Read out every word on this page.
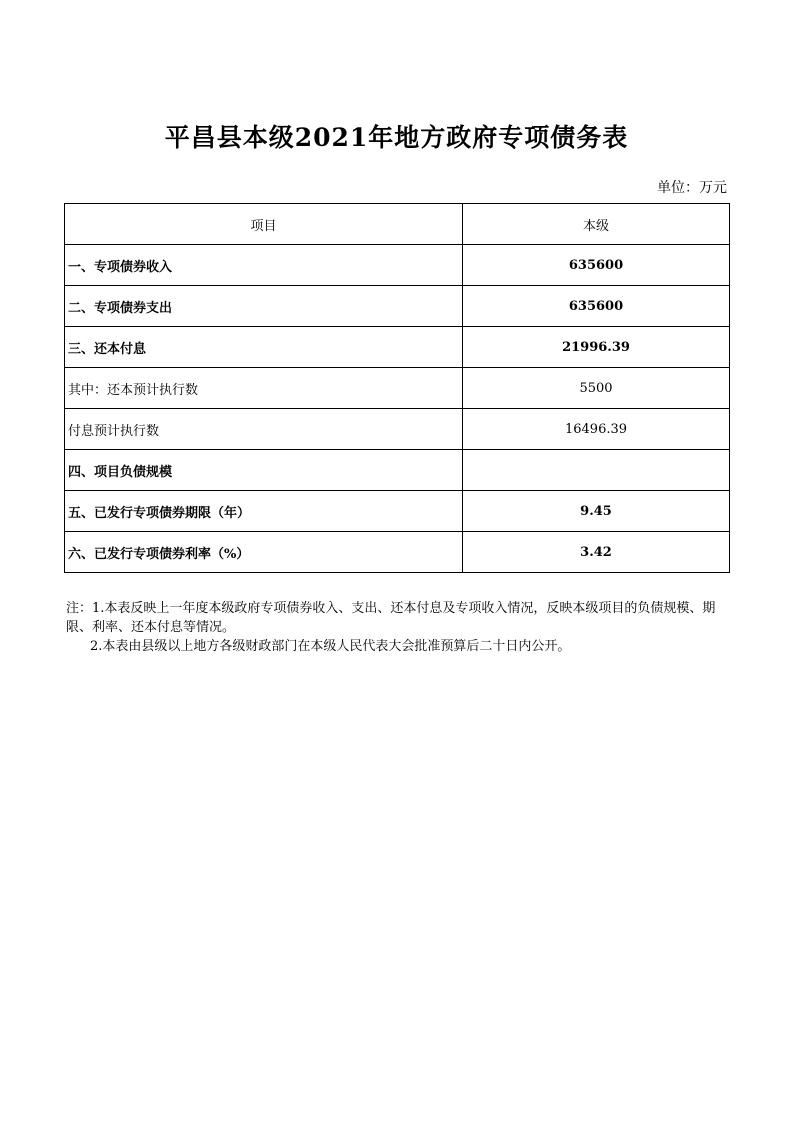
平昌县本级2021年地方政府专项债务表
单位：万元
项目	本级
一、专项债券收入	635600
二、专项债券支出	635600
三、还本付息	21996.39
其中：还本预计执行数	5500
付息预计执行数	16496.39
四、项目负债规模	
五、已发行专项债券期限（年）	9.45
六、已发行专项债券利率（%）	3.42

注：1.本表反映上一年度本级政府专项债券收入、支出、还本付息及专项收入情况，反映本级项目的负债规模、期限、利率、还本付息等情况。

2.本表由县级以上地方各级财政部门在本级人民代表大会批准预算后二十日内公开。
